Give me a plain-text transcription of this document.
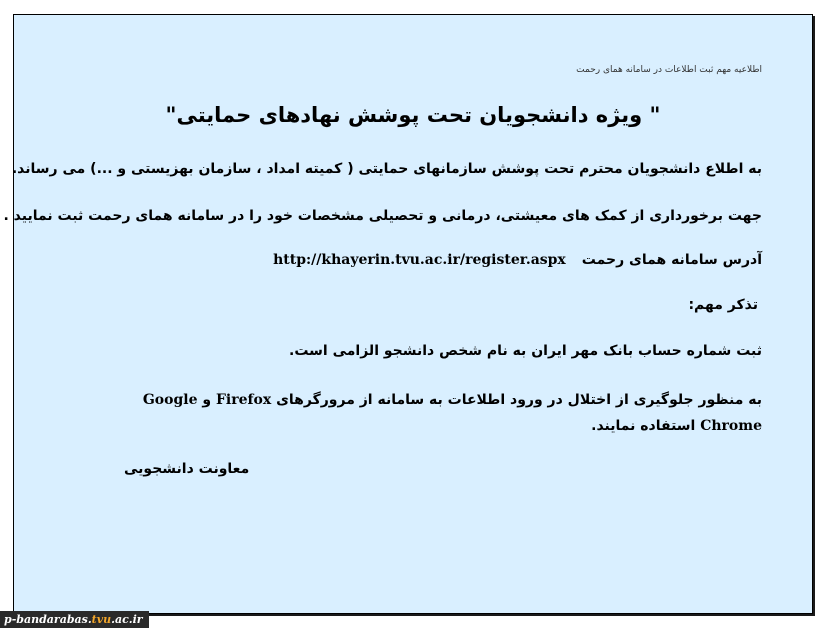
اطلاعیه مهم ثبت اطلاعات در سامانه همای رحمت
" ویژه دانشجویان تحت پوشش نهادهای حمایتی"
به اطلاع دانشجویان محترم تحت پوشش سازمانهای حمایتی ( کمیته امداد ، سازمان بهزیستی و ...) می رساند.
جهت برخورداری از کمک های معیشتی، درمانی و تحصیلی مشخصات خود را در سامانه همای رحمت ثبت نمایید .
آدرس سامانه همای رحمتhttp://khayerin.tvu.ac.ir/register.aspx
تذکر مهم:
ثبت شماره حساب بانک مهر ایران به نام شخص دانشجو الزامی است.
به منظور جلوگیری از اختلال در ورود اطلاعات به سامانه از مرورگرهای Firefox و Google Chrome استفاده نمایند.
معاونت دانشجویی
p-bandarabas.tvu.ac.ir
